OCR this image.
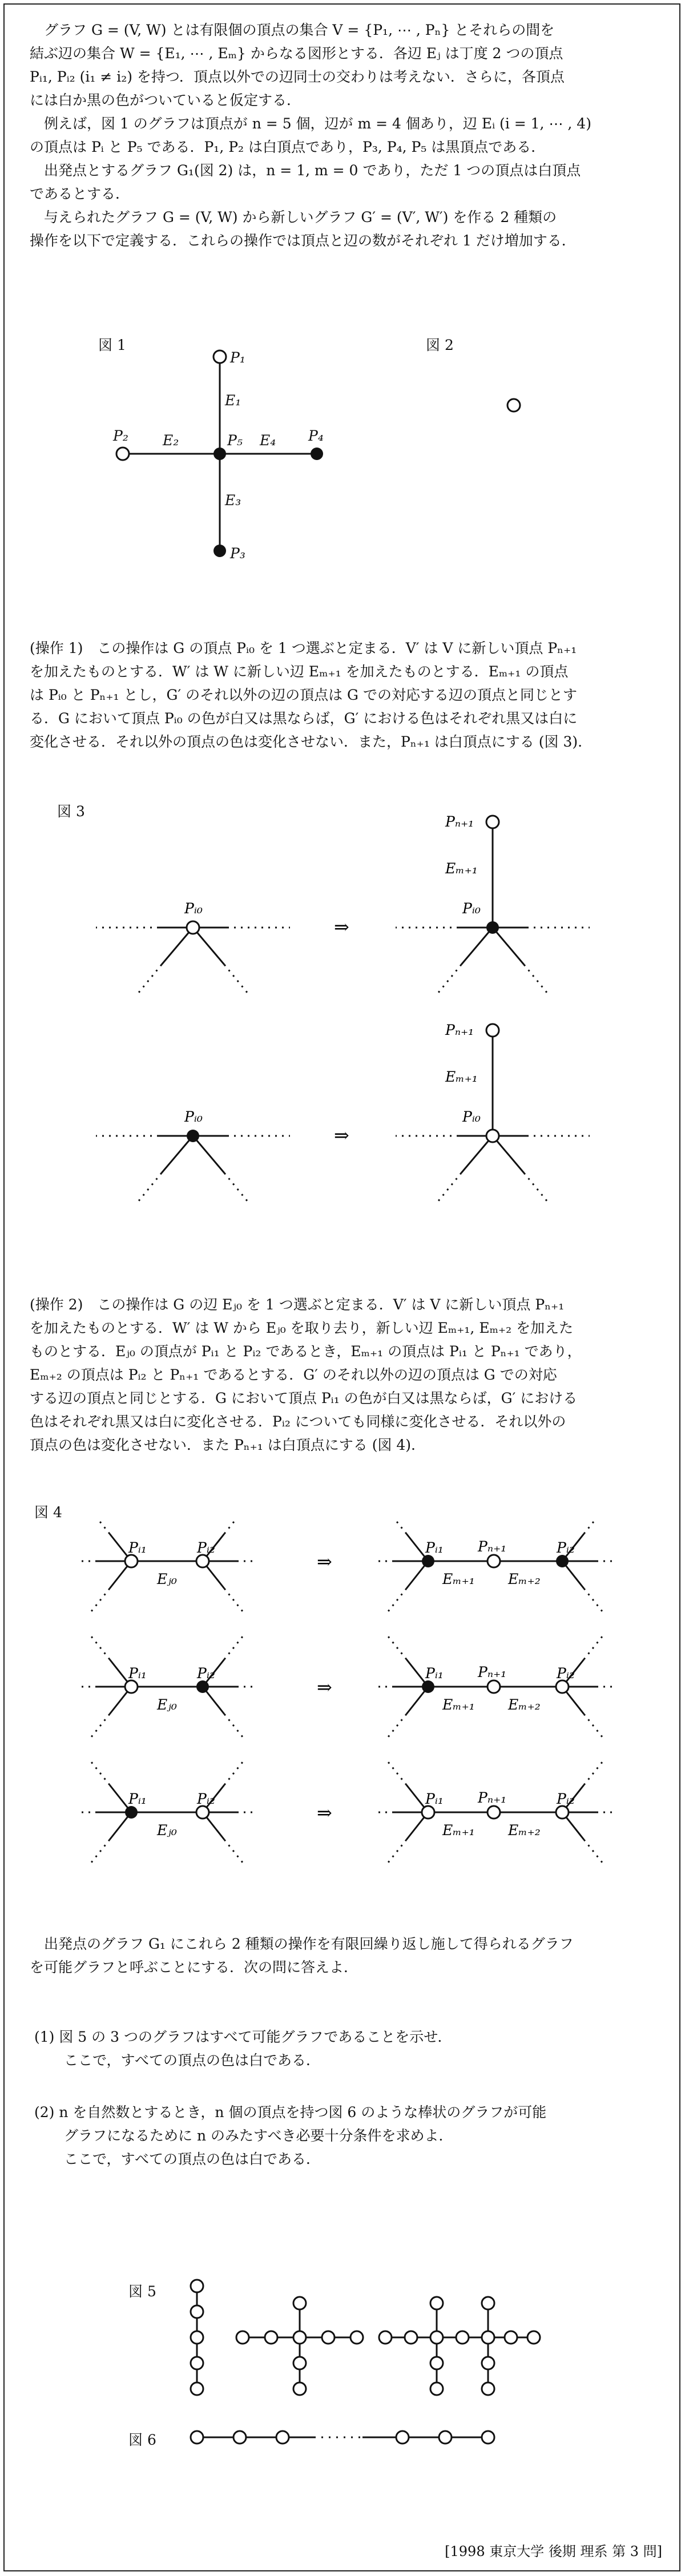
グラフ G = (V, W) とは有限個の頂点の集合 V = {P₁, ⋯ , Pₙ} とそれらの間を
結ぶ辺の集合 W = {E₁, ⋯ , Eₘ} からなる図形とする．各辺 Eⱼ は丁度 2 つの頂点
Pᵢ₁, Pᵢ₂ (i₁ ≠ i₂) を持つ．頂点以外での辺同士の交わりは考えない．さらに，各頂点
には白か黒の色がついていると仮定する．
例えば，図 1 のグラフは頂点が n = 5 個，辺が m = 4 個あり，辺 Eᵢ (i = 1, ⋯ , 4)
の頂点は Pᵢ と P₅ である．P₁, P₂ は白頂点であり，P₃, P₄, P₅ は黒頂点である．
出発点とするグラフ G₁(図 2) は，n = 1, m = 0 であり，ただ 1 つの頂点は白頂点
であるとする．
与えられたグラフ G = (V, W) から新しいグラフ G′ = (V′, W′) を作る 2 種類の
操作を以下で定義する．これらの操作では頂点と辺の数がそれぞれ 1 だけ増加する．
図 1	図 2
P₁
P₂
P₃
P₄
P₅
E₁
E₂
E₃
E₄
(操作 1)　この操作は G の頂点 Pᵢ₀ を 1 つ選ぶと定まる．V′ は V に新しい頂点 Pₙ₊₁
を加えたものとする．W′ は W に新しい辺 Eₘ₊₁ を加えたものとする．Eₘ₊₁ の頂点
は Pᵢ₀ と Pₙ₊₁ とし，G′ のそれ以外の辺の頂点は G での対応する辺の頂点と同じとす
る．G において頂点 Pᵢ₀ の色が白又は黒ならば，G′ における色はそれぞれ黒又は白に
変化させる．それ以外の頂点の色は変化させない．また，Pₙ₊₁ は白頂点にする (図 3).
図 3
Pᵢ₀
⇒
Pₙ₊₁
Eₘ₊₁
Pᵢ₀
Pᵢ₀
⇒
Pₙ₊₁
Eₘ₊₁
Pᵢ₀
(操作 2)　この操作は G の辺 Eⱼ₀ を 1 つ選ぶと定まる．V′ は V に新しい頂点 Pₙ₊₁
を加えたものとする．W′ は W から Eⱼ₀ を取り去り，新しい辺 Eₘ₊₁, Eₘ₊₂ を加えた
ものとする．Eⱼ₀ の頂点が Pᵢ₁ と Pᵢ₂ であるとき，Eₘ₊₁ の頂点は Pᵢ₁ と Pₙ₊₁ であり，
Eₘ₊₂ の頂点は Pᵢ₂ と Pₙ₊₁ であるとする．G′ のそれ以外の辺の頂点は G での対応
する辺の頂点と同じとする．G において頂点 Pᵢ₁ の色が白又は黒ならば，G′ における
色はそれぞれ黒又は白に変化させる．Pᵢ₂ についても同様に変化させる．それ以外の
頂点の色は変化させない．また Pₙ₊₁ は白頂点にする (図 4).
図 4
Pᵢ₁	Pᵢ₂
Eⱼ₀
⇒
Pᵢ₁ Pₙ₊₁	Pᵢ₂
Eₘ₊₁ Eₘ₊₂
Pᵢ₁	Pᵢ₂
Eⱼ₀
⇒
Pᵢ₁ Pₙ₊₁	Pᵢ₂
Eₘ₊₁ Eₘ₊₂
Pᵢ₁	Pᵢ₂
Eⱼ₀
⇒
Pᵢ₁ Pₙ₊₁	Pᵢ₂
Eₘ₊₁ Eₘ₊₂
出発点のグラフ G₁ にこれら 2 種類の操作を有限回繰り返し施して得られるグラフ
を可能グラフと呼ぶことにする．次の問に答えよ．
(1) 図 5 の 3 つのグラフはすべて可能グラフであることを示せ．
ここで，すべての頂点の色は白である．
(2) n を自然数とするとき，n 個の頂点を持つ図 6 のような棒状のグラフが可能
グラフになるために n のみたすべき必要十分条件を求めよ．
ここで，すべての頂点の色は白である．
図 5
図 6
[1998 東京大学 後期 理系 第 3 問]
